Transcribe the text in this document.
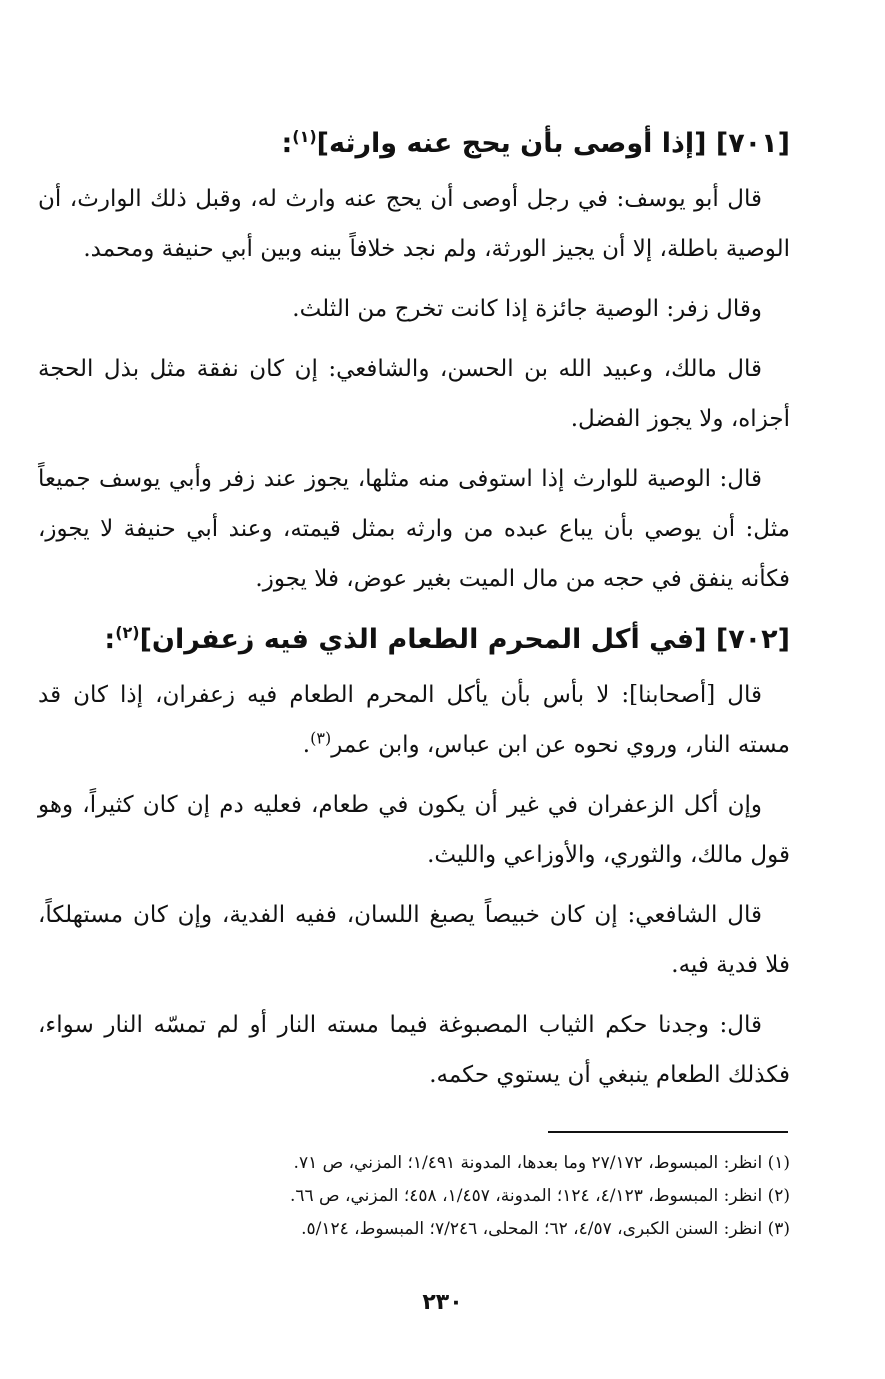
[٧٠١] [إذا أوصى بأن يحج عنه وارثه]$^{(١)}$:

قال أبو يوسف: في رجل أوصى أن يحج عنه وارث له، وقبل ذلك الوارث، أن الوصية باطلة، إلا أن يجيز الورثة، ولم نجد خلافاً بينه وبين أبي حنيفة ومحمد.

وقال زفر: الوصية جائزة إذا كانت تخرج من الثلث.

قال مالك، وعبيد الله بن الحسن، والشافعي: إن كان نفقة مثل بذل الحجة أجزاه، ولا يجوز الفضل.

قال: الوصية للوارث إذا استوفى منه مثلها، يجوز عند زفر وأبي يوسف جميعاً مثل: أن يوصي بأن يباع عبده من وارثه بمثل قيمته، وعند أبي حنيفة لا يجوز، فكأنه ينفق في حجه من مال الميت بغير عوض، فلا يجوز.

[٧٠٢] [في أكل المحرم الطعام الذي فيه زعفران]$^{(٢)}$:

قال [أصحابنا]: لا بأس بأن يأكل المحرم الطعام فيه زعفران، إذا كان قد مسته النار، وروي نحوه عن ابن عباس، وابن عمر$^{(٣)}$.

وإن أكل الزعفران في غير أن يكون في طعام، فعليه دم إن كان كثيراً، وهو قول مالك، والثوري، والأوزاعي والليث.

قال الشافعي: إن كان خبيصاً يصبغ اللسان، ففيه الفدية، وإن كان مستهلكاً، فلا فدية فيه.

قال: وجدنا حكم الثياب المصبوغة فيما مسته النار أو لم تمسّه النار سواء، فكذلك الطعام ينبغي أن يستوي حكمه.

(١) انظر: المبسوط، ٢٧/١٧٢ وما بعدها، المدونة ١/٤٩١؛ المزني، ص ٧١.
(٢) انظر: المبسوط، ٤/١٢٣، ١٢٤؛ المدونة، ١/٤٥٧، ٤٥٨؛ المزني، ص ٦٦.
(٣) انظر: السنن الكبرى، ٤/٥٧، ٦٢؛ المحلى، ٧/٢٤٦؛ المبسوط، ٥/١٢٤.
٢٣٠
